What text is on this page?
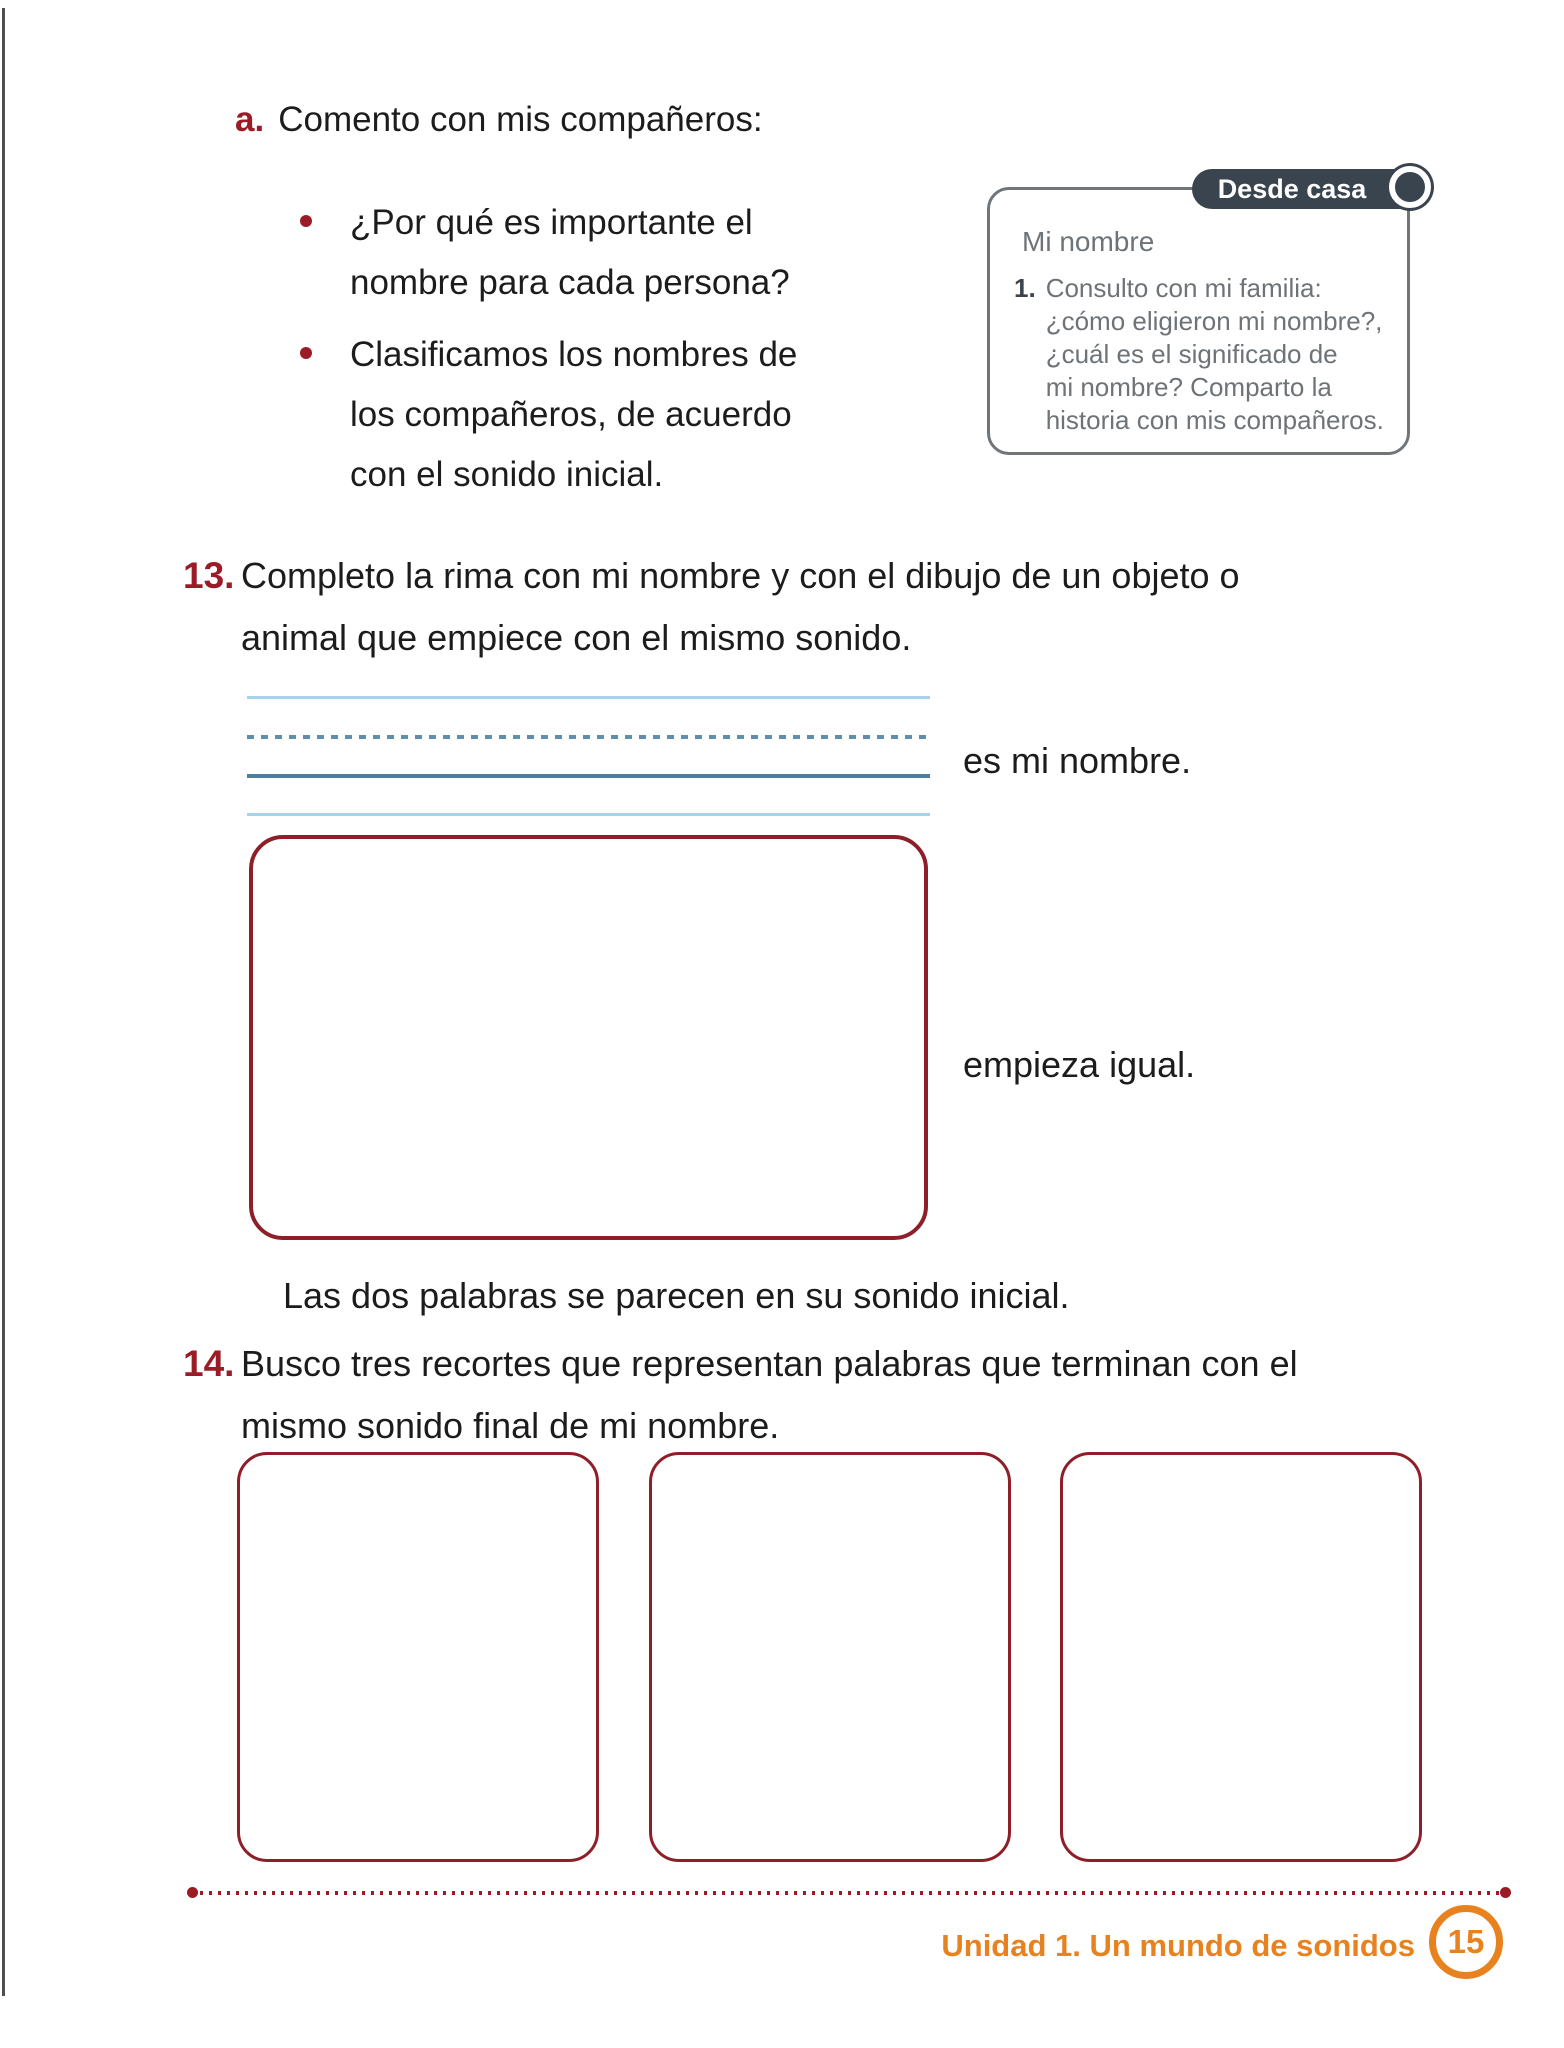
a. Comento con mis compañeros:
¿Por qué es importante el
nombre para cada persona?
Clasificamos los nombres de
los compañeros, de acuerdo
con el sonido inicial.
Desde casa
Mi nombre
1. Consulto con mi familia:
¿cómo eligieron mi nombre?,
¿cuál es el significado de
mi nombre? Comparto la
historia con mis compañeros.
13. Completo la rima con mi nombre y con el dibujo de un objeto o
animal que empiece con el mismo sonido.
es mi nombre.
empieza igual.
Las dos palabras se parecen en su sonido inicial.
14. Busco tres recortes que representan palabras que terminan con el
mismo sonido final de mi nombre.
Unidad 1. Un mundo de sonidos 15
